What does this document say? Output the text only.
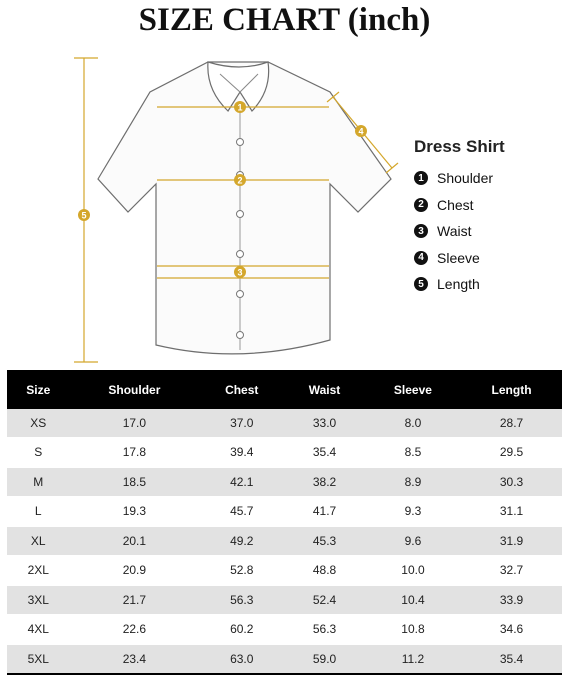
SIZE CHART (inch)
1
2
3
4
5
Dress Shirt
1 Shoulder
2 Chest
3 Waist
4 Sleeve
5 Length
Size	Shoulder	Chest	Waist	Sleeve	Length
XS	17.0	37.0	33.0	8.0	28.7
S	17.8	39.4	35.4	8.5	29.5
M	18.5	42.1	38.2	8.9	30.3
L	19.3	45.7	41.7	9.3	31.1
XL	20.1	49.2	45.3	9.6	31.9
2XL	20.9	52.8	48.8	10.0	32.7
3XL	21.7	56.3	52.4	10.4	33.9
4XL	22.6	60.2	56.3	10.8	34.6
5XL	23.4	63.0	59.0	11.2	35.4
